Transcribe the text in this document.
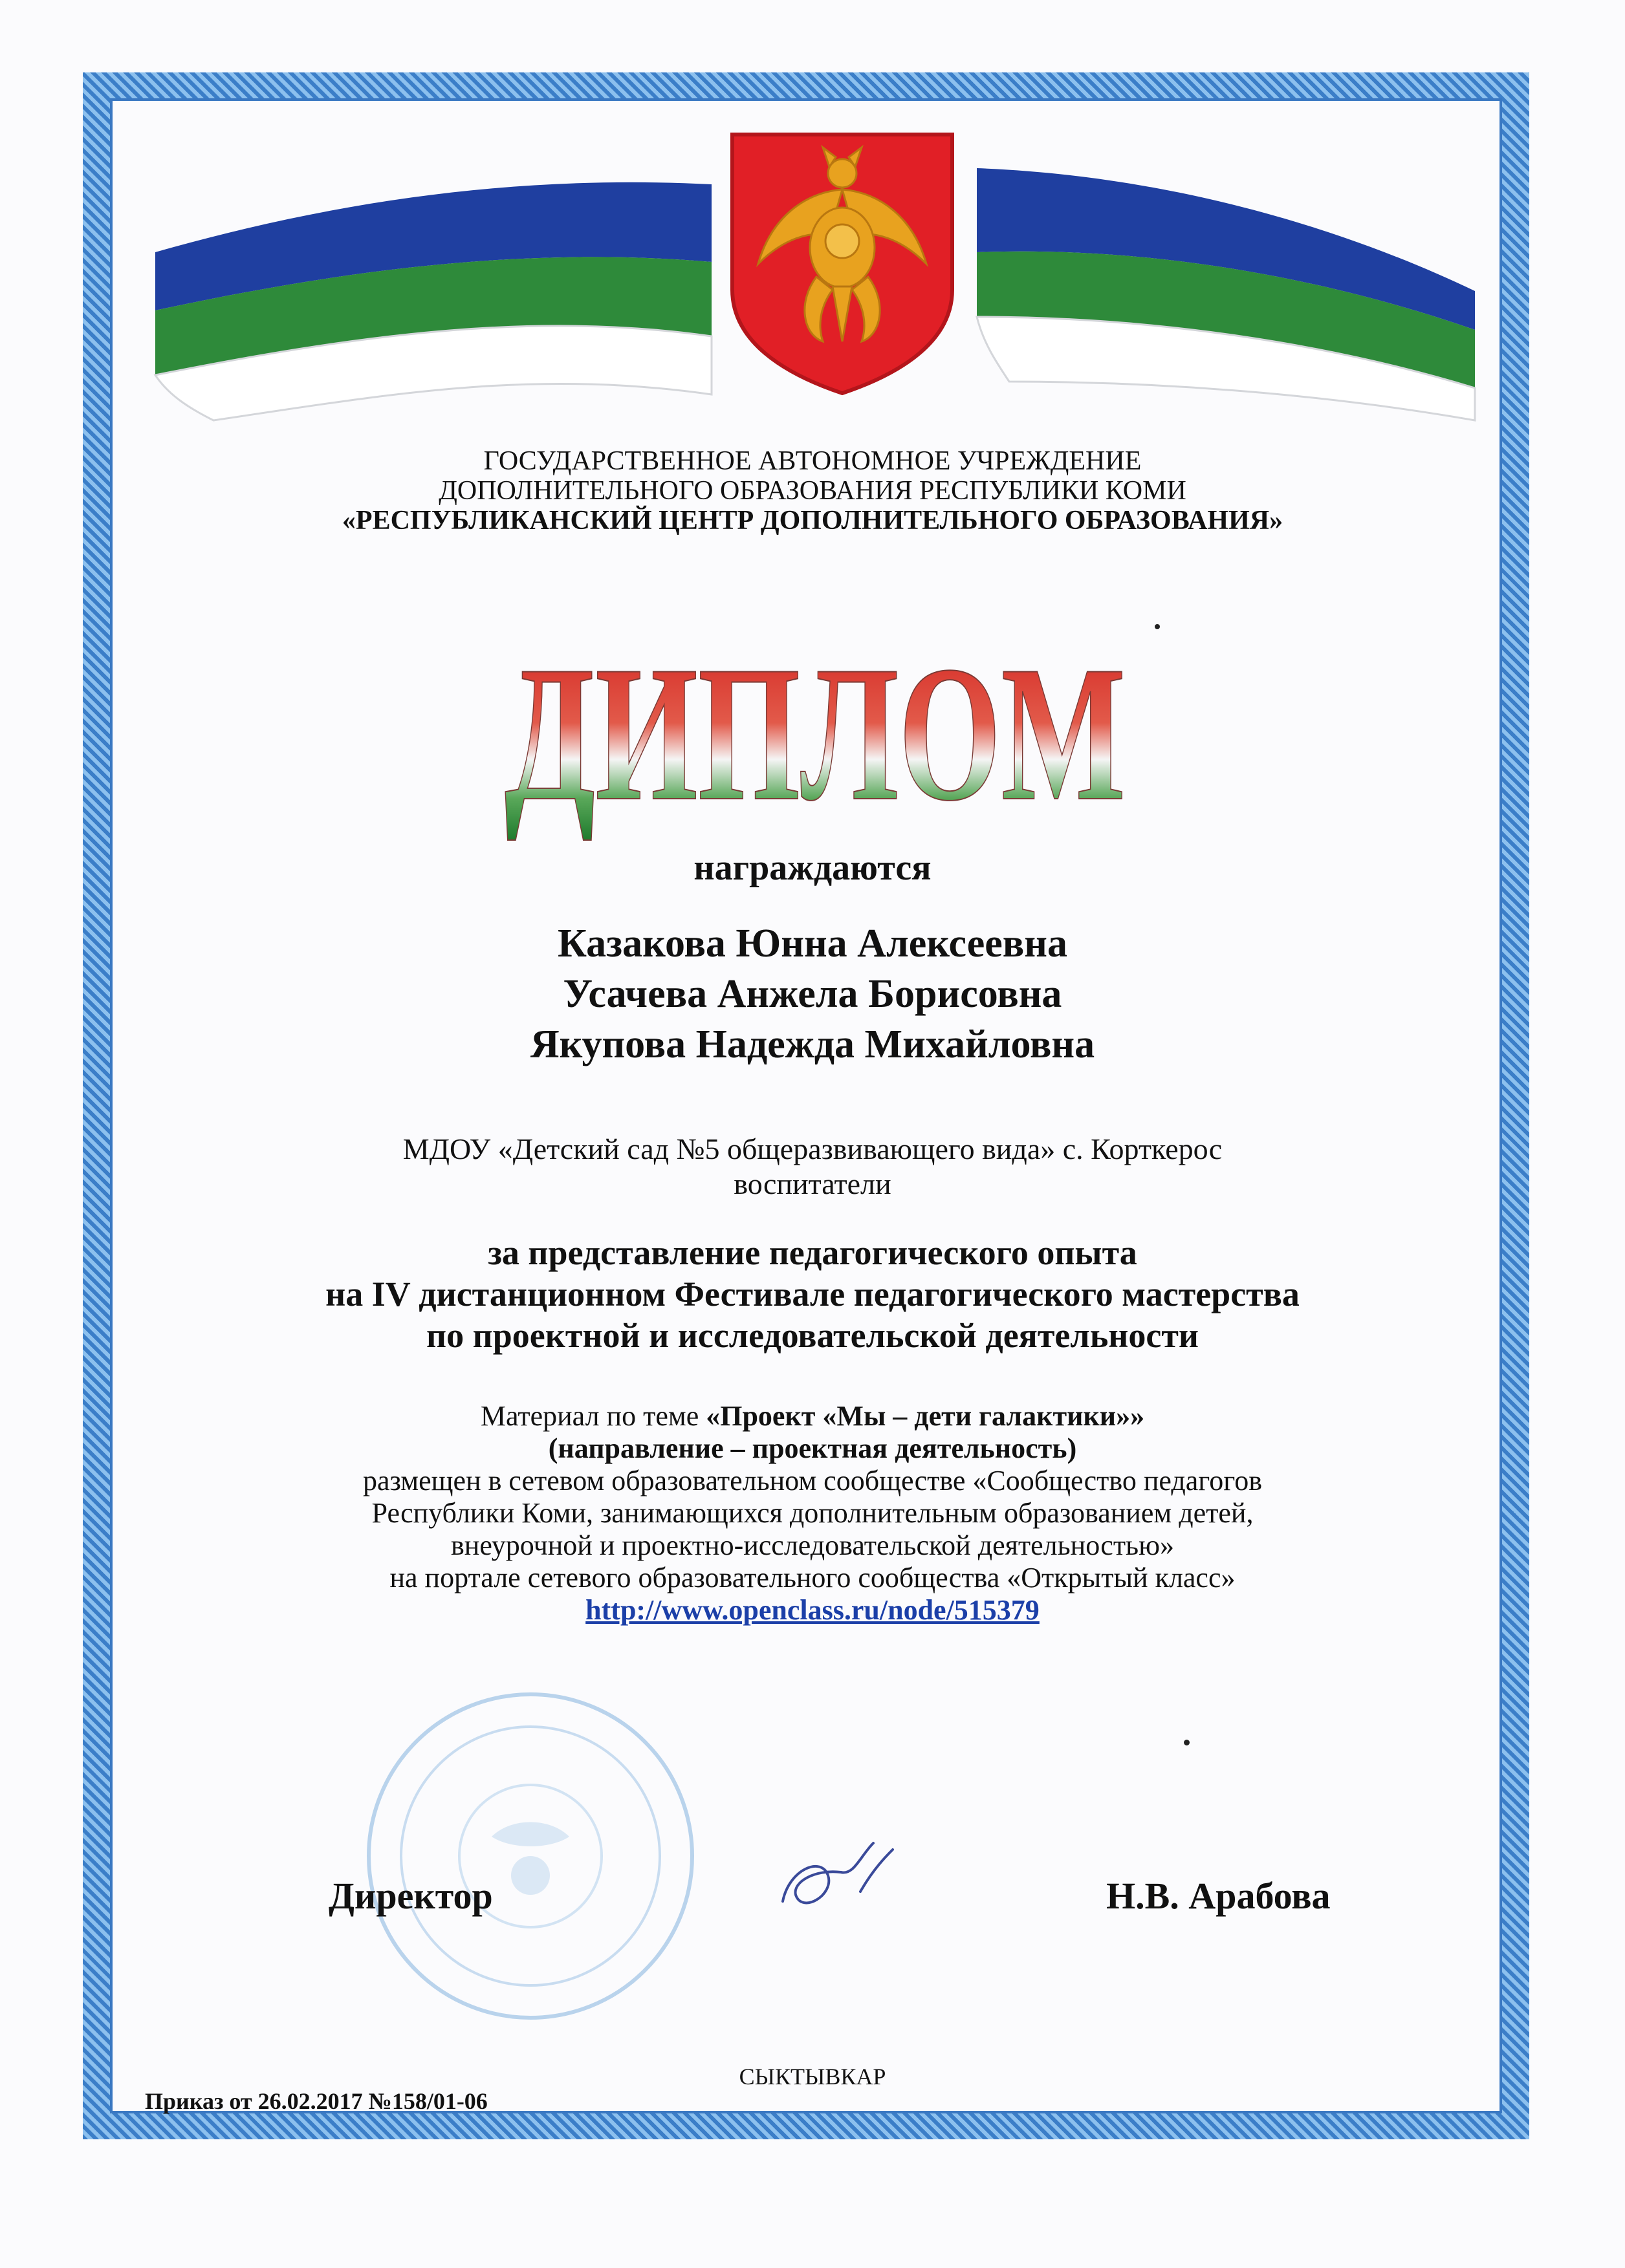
ГОСУДАРСТВЕННОЕ АВТОНОМНОЕ УЧРЕЖДЕНИЕ
ДОПОЛНИТЕЛЬНОГО ОБРАЗОВАНИЯ РЕСПУБЛИКИ КОМИ
«РЕСПУБЛИКАНСКИЙ ЦЕНТР ДОПОЛНИТЕЛЬНОГО ОБРАЗОВАНИЯ»
ДИПЛОМ
награждаются
Казакова Юнна Алексеевна
Усачева Анжела Борисовна
Якупова Надежда Михайловна
МДОУ «Детский сад №5 общеразвивающего вида» с. Корткерос
воспитатели
за представление педагогического опыта
на IV дистанционном Фестивале педагогического мастерства
по проектной и исследовательской деятельности
Материал по теме «Проект «Мы – дети галактики»»
(направление – проектная деятельность)
размещен в сетевом образовательном сообществе «Сообщество педагогов
Республики Коми, занимающихся дополнительным образованием детей,
внеурочной и проектно-исследовательской деятельностью»
на портале сетевого образовательного сообщества «Открытый класс»
http://www.openclass.ru/node/515379
Директор	Н.В. Арабова
СЫКТЫВКАР
Приказ от 26.02.2017 №158/01-06
